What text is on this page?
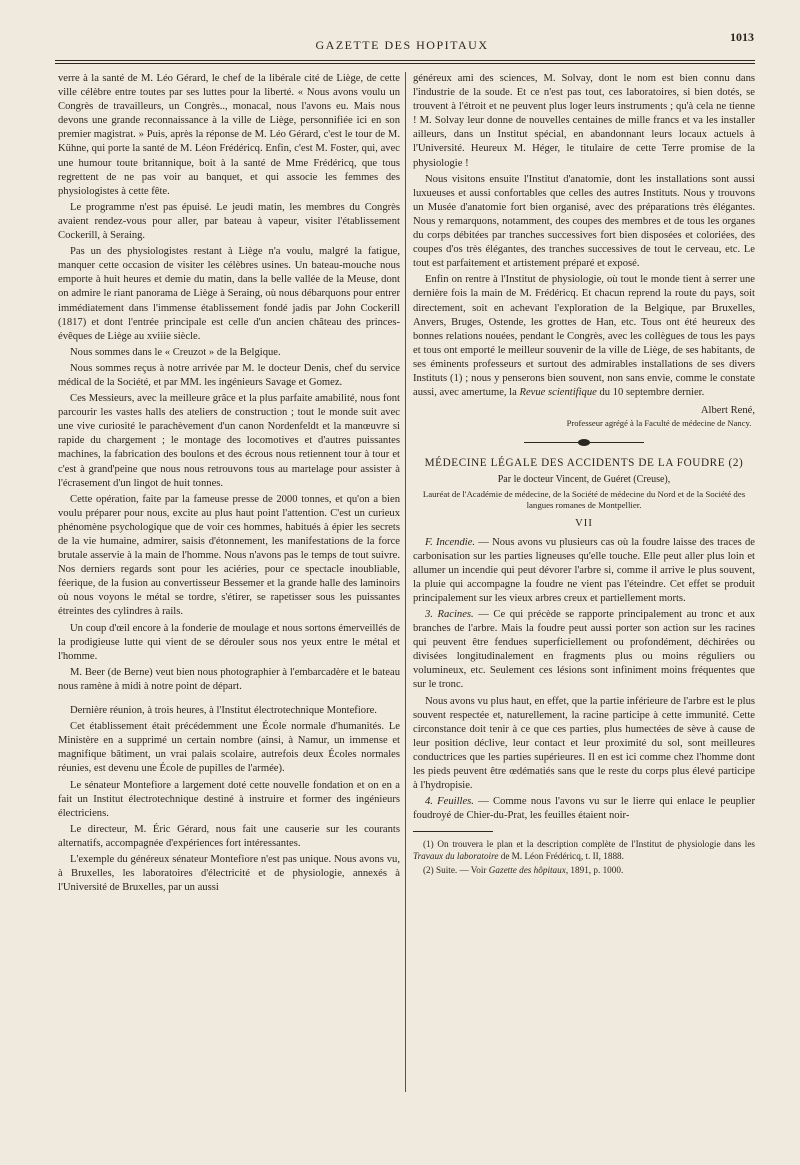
GAZETTE DES HOPITAUX
1013

verre à la santé de M. Léo Gérard, le chef de la libérale cité de Liège, de cette ville célèbre entre toutes par ses luttes pour la liberté. « Nous avons voulu un Congrès de travailleurs, un Congrès.., monacal, nous l'avons eu. Mais nous devons une grande reconnaissance à la ville de Liège, personnifiée ici en son premier magistrat. » Puis, après la réponse de M. Léo Gérard, c'est le tour de M. Kühne, qui porte la santé de M. Léon Frédéricq. Enfin, c'est M. Foster, qui, avec une humour toute britannique, boit à la santé de Mme Frédéricq, que tous regrettent de ne pas voir au banquet, et qui associe les femmes des physiologistes à cette fête.

Le programme n'est pas épuisé. Le jeudi matin, les membres du Congrès avaient rendez-vous pour aller, par bateau à vapeur, visiter l'établissement Cockerill, à Seraing.

Pas un des physiologistes restant à Liège n'a voulu, malgré la fatigue, manquer cette occasion de visiter les célèbres usines. Un bateau-mouche nous emporte à huit heures et demie du matin, dans la belle vallée de la Meuse, dont on admire le riant panorama de Liège à Seraing, où nous débarquons pour entrer immédiatement dans l'immense établissement fondé jadis par John Cockerill (1817) et dont l'entrée principale est celle d'un ancien château des princes-évêques de Liège au xviiie siècle.

Nous sommes dans le « Creuzot » de la Belgique.

Nous sommes reçus à notre arrivée par M. le docteur Denis, chef du service médical de la Société, et par MM. les ingénieurs Savage et Gomez.

Ces Messieurs, avec la meilleure grâce et la plus parfaite amabilité, nous font parcourir les vastes halls des ateliers de construction ; tout le monde suit avec une vive curiosité le parachèvement d'un canon Nordenfeldt et la manœuvre si rapide du chargement ; le montage des locomotives et d'autres puissantes machines, la fabrication des boulons et des écrous nous retiennent tour à tour et c'est à grand'peine que nous nous retrouvons tous au martelage pour assister à l'écrasement d'un lingot de huit tonnes.

Cette opération, faite par la fameuse presse de 2000 tonnes, et qu'on a bien voulu préparer pour nous, excite au plus haut point l'attention. C'est un curieux phénomène psychologique que de voir ces hommes, habitués à épier les secrets de la vie humaine, admirer, saisis d'étonnement, les manifestations de la force brutale asservie à la main de l'homme. Nous n'avons pas le temps de tout suivre. Nos derniers regards sont pour les aciéries, pour ce spectacle inoubliable, féerique, de la fusion au convertisseur Bessemer et la grande halle des laminoirs où nous voyons le métal se tordre, s'étirer, se rapetisser sous les puissantes étreintes des cylindres à rails.

Un coup d'œil encore à la fonderie de moulage et nous sortons émerveillés de la prodigieuse lutte qui vient de se dérouler sous nos yeux entre le métal et l'homme.

M. Beer (de Berne) veut bien nous photographier à l'embarcadère et le bateau nous ramène à midi à notre point de départ.

Dernière réunion, à trois heures, à l'Institut électrotechnique Montefiore.

Cet établissement était précédemment une École normale d'humanités. Le Ministère en a supprimé un certain nombre (ainsi, à Namur, un immense et magnifique bâtiment, un vrai palais scolaire, autrefois deux Écoles normales réunies, est devenu une École de pupilles de l'armée).

Le sénateur Montefiore a largement doté cette nouvelle fondation et on en a fait un Institut électrotechnique destiné à instruire et former des ingénieurs électriciens.

Le directeur, M. Éric Gérard, nous fait une causerie sur les courants alternatifs, accompagnée d'expériences fort intéressantes.

L'exemple du généreux sénateur Montefiore n'est pas unique. Nous avons vu, à Bruxelles, les laboratoires d'électricité et de physiologie, annexés à l'Université de Bruxelles, par un aussi

généreux ami des sciences, M. Solvay, dont le nom est bien connu dans l'industrie de la soude. Et ce n'est pas tout, ces laboratoires, si bien dotés, se trouvent à l'étroit et ne peuvent plus loger leurs instruments ; qu'à cela ne tienne ! M. Solvay leur donne de nouvelles centaines de mille francs et va les installer ailleurs, dans un Institut spécial, en abandonnant leurs locaux actuels à l'Université. Heureux M. Héger, le titulaire de cette Terre promise de la physiologie !

Nous visitons ensuite l'Institut d'anatomie, dont les installations sont aussi luxueuses et aussi confortables que celles des autres Instituts. Nous y trouvons un Musée d'anatomie fort bien organisé, avec des préparations très élégantes. Nous y remarquons, notamment, des coupes des membres et de tous les organes du corps débitées par tranches successives fort bien disposées et coloriées, des coupes d'os très élégantes, des tranches successives de tout le cerveau, etc. Le tout est parfaitement et artistement préparé et exposé.

Enfin on rentre à l'Institut de physiologie, où tout le monde tient à serrer une dernière fois la main de M. Frédéricq. Et chacun reprend la route du pays, soit directement, soit en achevant l'exploration de la Belgique, par Bruxelles, Anvers, Bruges, Ostende, les grottes de Han, etc. Tous ont été heureux des bonnes relations nouées, pendant le Congrès, avec les collègues de tous les pays et tous ont emporté le meilleur souvenir de la ville de Liège, de ses habitants, de ses éminents professeurs et surtout des admirables installations de ses divers Instituts (1) ; nous y penserons bien souvent, non sans envie, comme le constate aussi, avec amertume, la Revue scientifique du 10 septembre dernier.

Albert René,
Professeur agrégé à la Faculté de médecine de Nancy.
MÉDECINE LÉGALE DES ACCIDENTS DE LA FOUDRE (2)
Par le docteur Vincent, de Guéret (Creuse),
Lauréat de l'Académie de médecine, de la Société de médecine du Nord et de la Société des langues romanes de Montpellier.
VII

F. Incendie. — Nous avons vu plusieurs cas où la foudre laisse des traces de carbonisation sur les parties ligneuses qu'elle touche. Elle peut aller plus loin et allumer un incendie qui peut dévorer l'arbre si, comme il arrive le plus souvent, la pluie qui accompagne la foudre ne vient pas l'éteindre. Cet effet se produit principalement sur les vieux arbres creux et partiellement morts.

3. Racines. — Ce qui précède se rapporte principalement au tronc et aux branches de l'arbre. Mais la foudre peut aussi porter son action sur les racines qui peuvent être fendues superficiellement ou profondément, déchirées ou divisées longitudinalement en fragments plus ou moins réguliers ou volumineux, etc. Seulement ces lésions sont infiniment moins fréquentes que sur le tronc.

Nous avons vu plus haut, en effet, que la partie inférieure de l'arbre est le plus souvent respectée et, naturellement, la racine participe à cette immunité. Cette circonstance doit tenir à ce que ces parties, plus humectées de sève à cause de leur position déclive, leur contact et leur proximité du sol, sont meilleures conductrices que les parties supérieures. Il en est ici comme chez l'homme dont les pieds peuvent être œdématiés sans que le reste du corps plus élevé participe à l'hydropisie.

4. Feuilles. — Comme nous l'avons vu sur le lierre qui enlace le peuplier foudroyé de Chier-du-Prat, les feuilles étaient noir-

(1) On trouvera le plan et la description complète de l'Institut de physiologie dans les Travaux du laboratoire de M. Léon Frédéricq, t. II, 1888.

(2) Suite. — Voir Gazette des hôpitaux, 1891, p. 1000.
